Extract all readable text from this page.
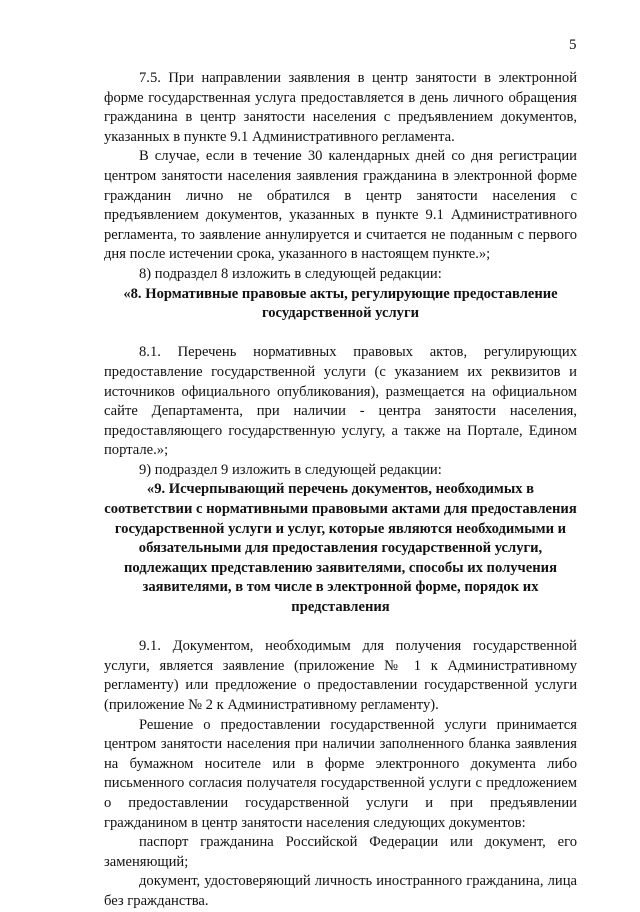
5

7.5. При направлении заявления в центр занятости в электронной форме государственная услуга предоставляется в день личного обращения гражданина в центр занятости населения с предъявлением документов, указанных в пункте 9.1 Административного регламента.

В случае, если в течение 30 календарных дней со дня регистрации центром занятости населения заявления гражданина в электронной форме гражданин лично не обратился в центр занятости населения с предъявлением документов, указанных в пункте 9.1 Административного регламента, то заявление аннулируется и считается не поданным с первого дня после истечении срока, указанного в настоящем пункте.»;

8) подраздел 8 изложить в следующей редакции:

«8. Нормативные правовые акты, регулирующие предоставление государственной услуги

8.1. Перечень нормативных правовых актов, регулирующих предоставление государственной услуги (с указанием их реквизитов и источников официального опубликования), размещается на официальном сайте Департамента, при наличии - центра занятости населения, предоставляющего государственную услугу, а также на Портале, Едином портале.»;

9) подраздел 9 изложить в следующей редакции:

«9. Исчерпывающий перечень документов, необходимых в соответствии с нормативными правовыми актами для предоставления государственной услуги и услуг, которые являются необходимыми и обязательными для предоставления государственной услуги, подлежащих представлению заявителями, способы их получения заявителями, в том числе в электронной форме, порядок их представления

9.1. Документом, необходимым для получения государственной услуги, является заявление (приложение № 1 к Административному регламенту) или предложение о предоставлении государственной услуги (приложение № 2 к Административному регламенту).

Решение о предоставлении государственной услуги принимается центром занятости населения при наличии заполненного бланка заявления на бумажном носителе или в форме электронного документа либо письменного согласия получателя государственной услуги с предложением о предоставлении государственной услуги и при предъявлении гражданином в центр занятости населения следующих документов:

паспорт гражданина Российской Федерации или документ, его заменяющий;

документ, удостоверяющий личность иностранного гражданина, лица без гражданства.
